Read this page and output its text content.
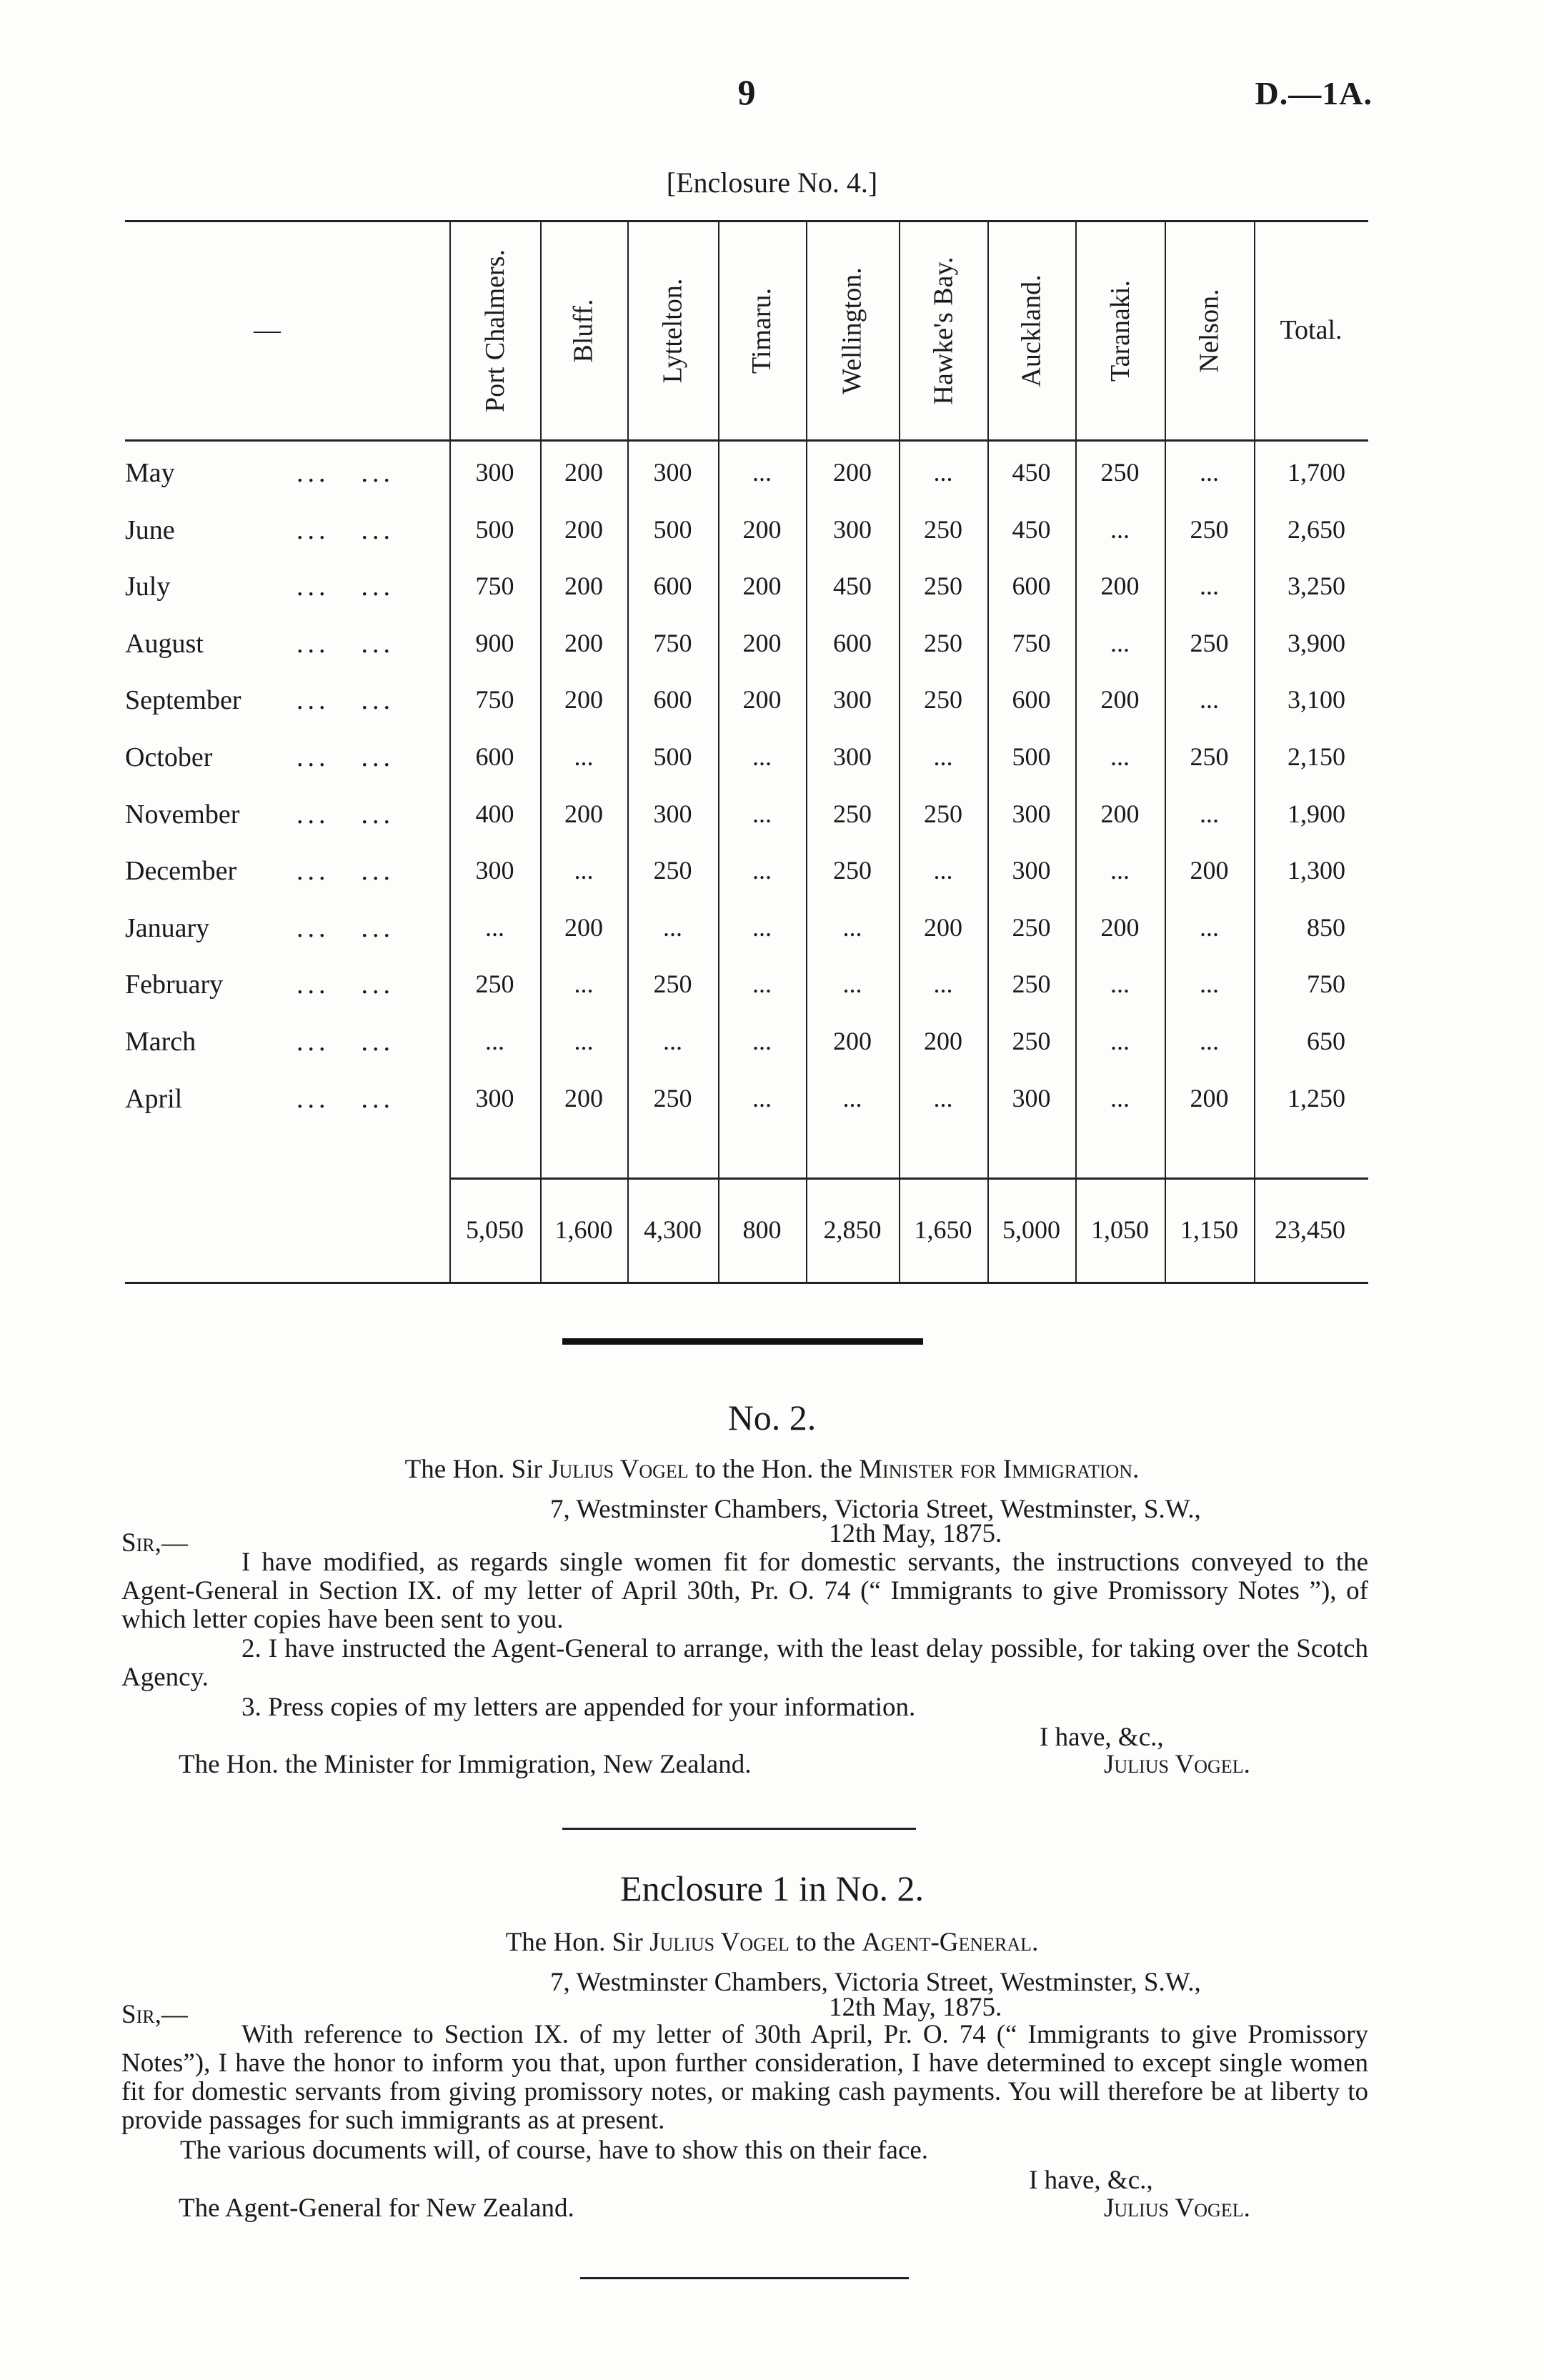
9	D.—1A.
[Enclosure No. 4.]
—	Port Chalmers. Bluff. Lyttelton. Timaru. Wellington. Hawke's Bay. Auckland. Taranaki. Nelson.	Total.
May	... ...	300	200	300	...	200	...	450	250	...	1,700
June	... ...	500	200	500	200	300	250	450	...	250	2,650
July	... ...	750	200	600	200	450	250	600	200	...	3,250
August	... ...	900	200	750	200	600	250	750	...	250	3,900
September ... ...	750	200	600	200	300	250	600	200	...	3,100
October	... ...	600	...	500	...	300	...	500	...	250	2,150
November ... ...	400	200	300	...	250	250	300	200	...	1,900
December ... ...	300	...	250	...	250	...	300	...	200	1,300
January	... ...	...	200	...	...	...	200	250	200	...	850
February	... ...	250	...	250	...	...	...	250	...	...	750
March	... ...	...	...	...	...	200	200	250	...	...	650
April	... ...	300	200	250	...	...	...	300	...	200	1,250
5,050	1,600	4,300	800	2,850	1,650	5,000	1,050	1,150	23,450
No. 2.
The Hon. Sir Julius Vogel to the Hon. the Minister for Immigration.
7, Westminster Chambers, Victoria Street, Westminster, S.W.,
Sir,—	12th May, 1875.
I have modified, as regards single women fit for domestic servants, the instructions conveyed to the Agent-General in Section IX. of my letter of April 30th, Pr. O. 74 (“ Immigrants to give Promissory Notes ”), of which letter copies have been sent to you.
2. I have instructed the Agent-General to arrange, with the least delay possible, for taking over the Scotch Agency.
3. Press copies of my letters are appended for your information.
I have, &c.,
The Hon. the Minister for Immigration, New Zealand.	Julius Vogel.
Enclosure 1 in No. 2.
The Hon. Sir Julius Vogel to the Agent-General.
7, Westminster Chambers, Victoria Street, Westminster, S.W.,
Sir,—	12th May, 1875.
With reference to Section IX. of my letter of 30th April, Pr. O. 74 (“ Immigrants to give Promissory Notes”), I have the honor to inform you that, upon further consideration, I have determined to except single women fit for domestic servants from giving promissory notes, or making cash payments. You will therefore be at liberty to provide passages for such immigrants as at present.
The various documents will, of course, have to show this on their face.
I have, &c.,
The Agent-General for New Zealand.	Julius Vogel.
